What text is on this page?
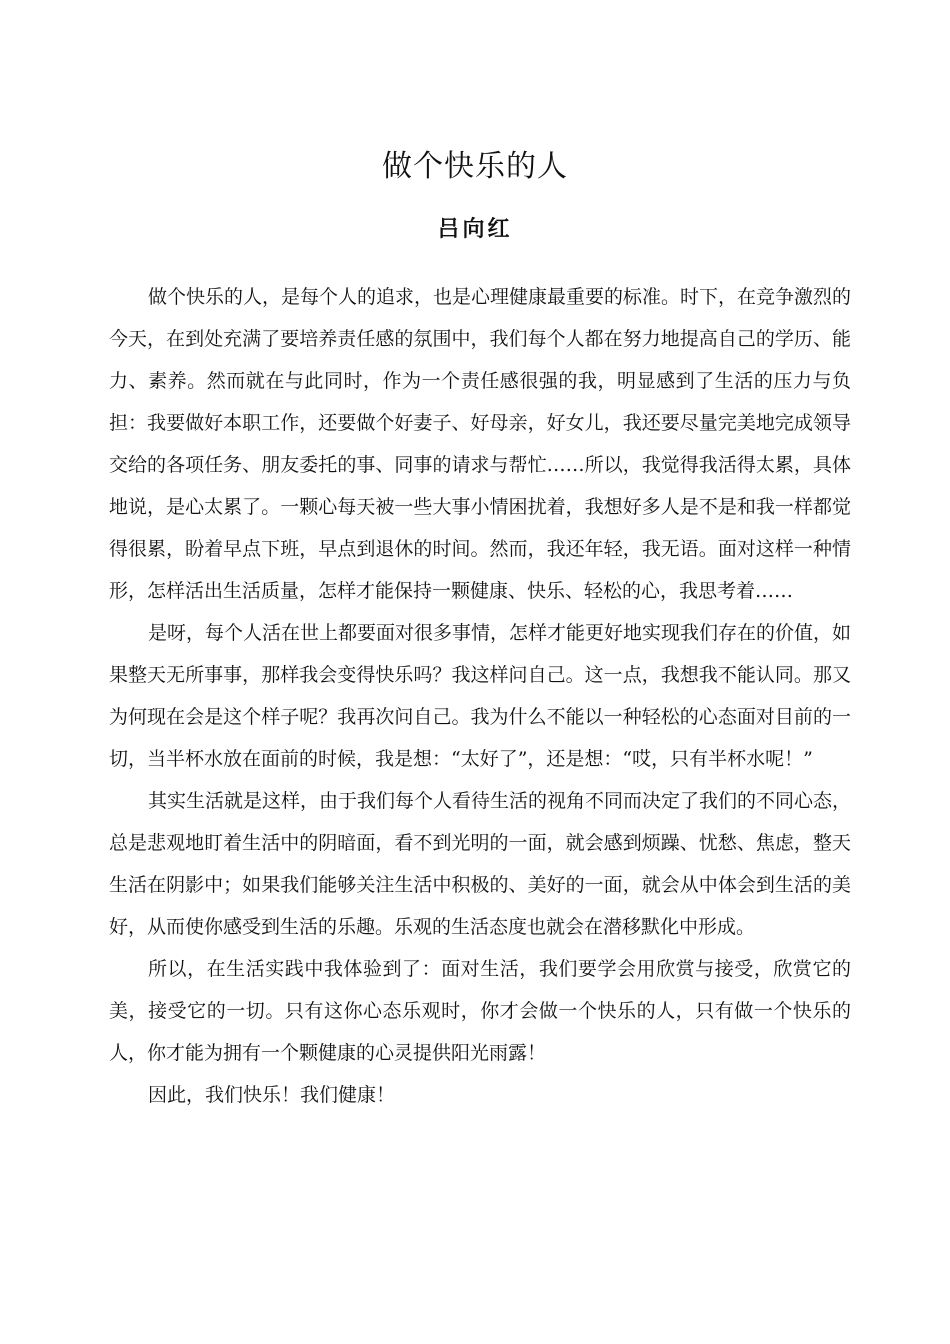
做个快乐的人
吕向红

做个快乐的人，是每个人的追求，也是心理健康最重要的标准。时下，在竞争激烈的今天，在到处充满了要培养责任感的氛围中，我们每个人都在努力地提高自己的学历、能力、素养。然而就在与此同时，作为一个责任感很强的我，明显感到了生活的压力与负担：我要做好本职工作，还要做个好妻子、好母亲，好女儿，我还要尽量完美地完成领导交给的各项任务、朋友委托的事、同事的请求与帮忙……所以，我觉得我活得太累，具体地说，是心太累了。一颗心每天被一些大事小情困扰着，我想好多人是不是和我一样都觉得很累，盼着早点下班，早点到退休的时间。然而，我还年轻，我无语。面对这样一种情形，怎样活出生活质量，怎样才能保持一颗健康、快乐、轻松的心，我思考着……

是呀，每个人活在世上都要面对很多事情，怎样才能更好地实现我们存在的价值，如果整天无所事事，那样我会变得快乐吗？我这样问自己。这一点，我想我不能认同。那又为何现在会是这个样子呢？我再次问自己。我为什么不能以一种轻松的心态面对目前的一切，当半杯水放在面前的时候，我是想：“太好了”，还是想：“哎，只有半杯水呢！”

其实生活就是这样，由于我们每个人看待生活的视角不同而决定了我们的不同心态，总是悲观地盯着生活中的阴暗面，看不到光明的一面，就会感到烦躁、忧愁、焦虑，整天生活在阴影中；如果我们能够关注生活中积极的、美好的一面，就会从中体会到生活的美好，从而使你感受到生活的乐趣。乐观的生活态度也就会在潜移默化中形成。

所以，在生活实践中我体验到了：面对生活，我们要学会用欣赏与接受，欣赏它的美，接受它的一切。只有这你心态乐观时，你才会做一个快乐的人，只有做一个快乐的人，你才能为拥有一个颗健康的心灵提供阳光雨露！

因此，我们快乐！我们健康！
